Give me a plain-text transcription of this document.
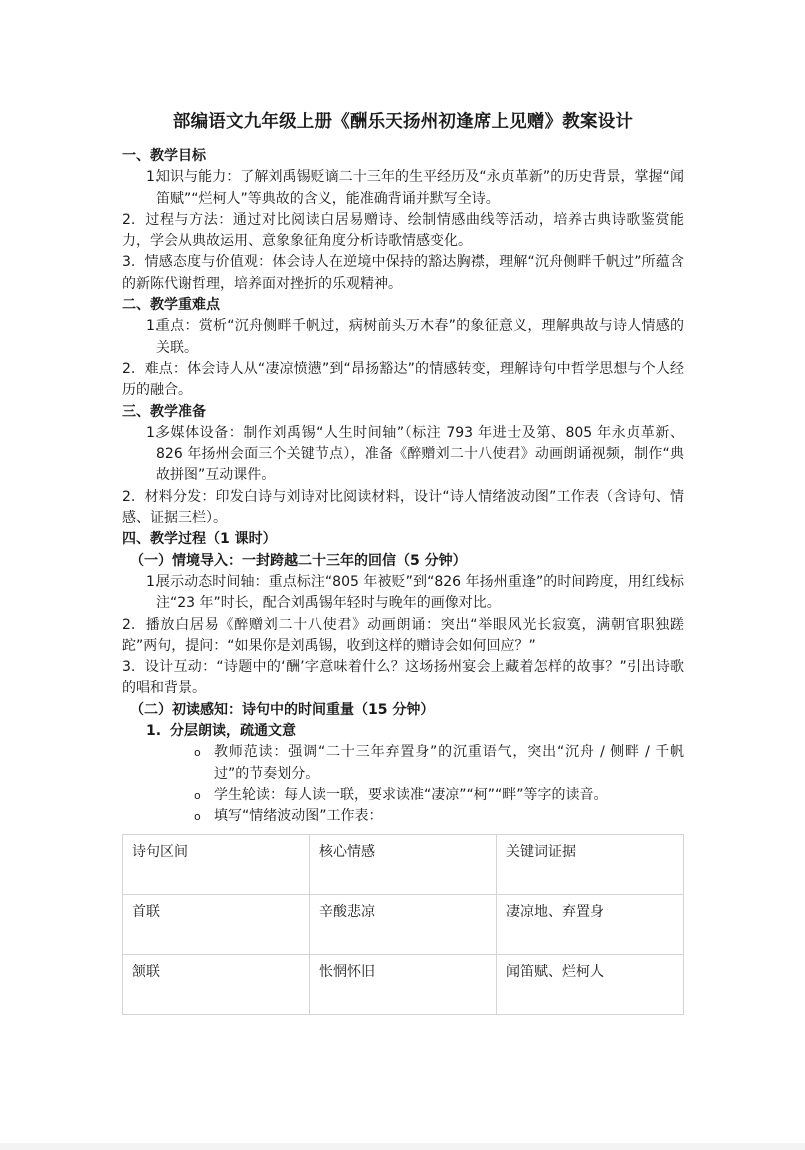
部编语文九年级上册《酬乐天扬州初逢席上见赠》教案设计
一、教学目标
1.
知识与能力：了解刘禹锡贬谪二十三年的生平经历及“永贞革新”的历史背景，掌握“闻笛赋”“烂柯人”等典故的含义，能准确背诵并默写全诗。
2. 过程与方法：通过对比阅读白居易赠诗、绘制情感曲线等活动，培养古典诗歌鉴赏能力，学会从典故运用、意象象征角度分析诗歌情感变化。
3. 情感态度与价值观：体会诗人在逆境中保持的豁达胸襟，理解“沉舟侧畔千帆过”所蕴含的新陈代谢哲理，培养面对挫折的乐观精神。
二、教学重难点
1.
重点：赏析“沉舟侧畔千帆过，病树前头万木春”的象征意义，理解典故与诗人情感的关联。
2. 难点：体会诗人从“凄凉愤懑”到“昂扬豁达”的情感转变，理解诗句中哲学思想与个人经历的融合。
三、教学准备
1.
多媒体设备：制作刘禹锡“人生时间轴”（标注 793 年进士及第、805 年永贞革新、826 年扬州会面三个关键节点），准备《醉赠刘二十八使君》动画朗诵视频，制作“典故拼图”互动课件。
2. 材料分发：印发白诗与刘诗对比阅读材料，设计“诗人情绪波动图”工作表（含诗句、情感、证据三栏）。
四、教学过程（1 课时）
（一）情境导入：一封跨越二十三年的回信（5 分钟）
1.
展示动态时间轴：重点标注“805 年被贬”到“826 年扬州重逢”的时间跨度，用红线标注“23 年”时长，配合刘禹锡年轻时与晚年的画像对比。
2. 播放白居易《醉赠刘二十八使君》动画朗诵：突出“举眼风光长寂寞，满朝官职独蹉跎”两句，提问：“如果你是刘禹锡，收到这样的赠诗会如何回应？”
3. 设计互动：“诗题中的‘酬’字意味着什么？这场扬州宴会上藏着怎样的故事？”引出诗歌的唱和背景。
（二）初读感知：诗句中的时间重量（15 分钟）
1. 分层朗读，疏通文意
o 教师范读：强调“二十三年弃置身”的沉重语气，突出“沉舟 / 侧畔 / 千帆过”的节奏划分。
o 学生轮读：每人读一联，要求读准“凄凉”“柯”“畔”等字的读音。
o 填写“情绪波动图”工作表：
诗句区间	核心情感	关键词证据
首联	辛酸悲凉	凄凉地、弃置身
颔联	怅惘怀旧	闻笛赋、烂柯人
